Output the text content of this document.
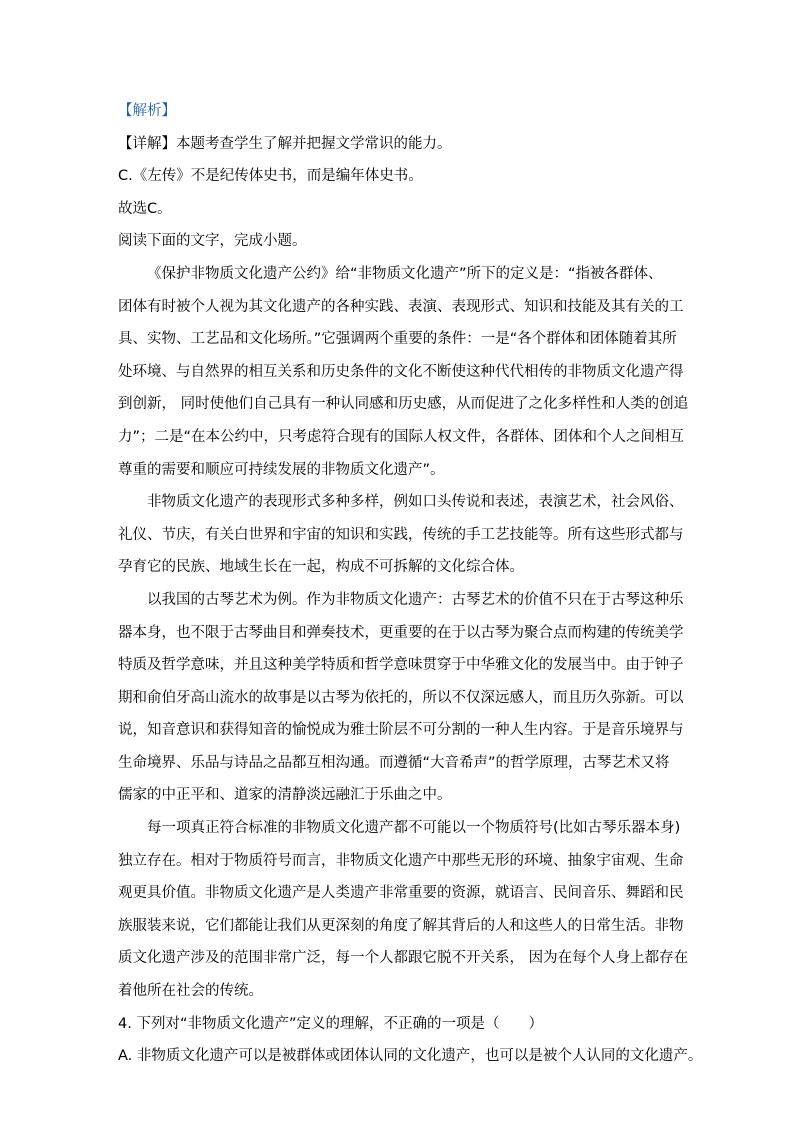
【解析】
【详解】本题考查学生了解并把握文学常识的能力。
C.《左传》不是纪传体史书，而是编年体史书。
故选C。
阅读下面的文字，完成小题。
《保护非物质文化遗产公约》给“非物质文化遗产”所下的定义是：“指被各群体、
团体有时被个人视为其文化遗产的各种实践、表演、表现形式、知识和技能及其有关的工
具、实物、工艺品和文化场所。”它强调两个重要的条件：一是“各个群体和团体随着其所
处环境、与自然界的相互关系和历史条件的文化不断使这种代代相传的非物质文化遗产得
到创新， 同时使他们自己具有一种认同感和历史感，从而促进了之化多样性和人类的创追
力”；二是“在本公约中，只考虑符合现有的国际人权文件，各群体、团体和个人之间相互
尊重的需要和顺应可持续发展的非物质文化遗产”。
非物质文化遗产的表现形式多种多样，例如口头传说和表述，表演艺术，社会风俗、
礼仪、节庆，有关白世界和宇宙的知识和实践，传统的手工艺技能等。所有这些形式都与
孕育它的民族、地域生长在一起，构成不可拆解的文化综合体。
以我国的古琴艺术为例。作为非物质文化遗产：古琴艺术的价值不只在于古琴这种乐
器本身，也不限于古琴曲目和弹奏技术，更重要的在于以古琴为聚合点而构建的传统美学
特质及哲学意味，并且这种美学特质和哲学意味贯穿于中华雅文化的发展当中。由于钟子
期和俞伯牙高山流水的故事是以古琴为依托的，所以不仅深远感人，而且历久弥新。可以
说，知音意识和获得知音的愉悦成为雅士阶层不可分割的一种人生内容。于是音乐境界与
生命境界、乐品与诗品之品都互相沟通。而遵循“大音希声”的哲学原理，古琴艺术又将
儒家的中正平和、道家的清静淡远融汇于乐曲之中。
每一项真正符合标准的非物质文化遗产都不可能以一个物质符号(比如古琴乐器本身)
独立存在。相对于物质符号而言，非物质文化遗产中那些无形的环境、抽象宇宙观、生命
观更具价值。非物质文化遗产是人类遗产非常重要的资源，就语言、民间音乐、舞蹈和民
族服装来说，它们都能让我们从更深刻的角度了解其背后的人和这些人的日常生活。非物
质文化遗产涉及的范围非常广泛，每一个人都跟它脱不开关系， 因为在每个人身上都存在
着他所在社会的传统。
4. 下列对“非物质文化遗产”定义的理解，不正确的一项是（　　）
A. 非物质文化遗产可以是被群体或团体认同的文化遗产，也可以是被个人认同的文化遗产。
